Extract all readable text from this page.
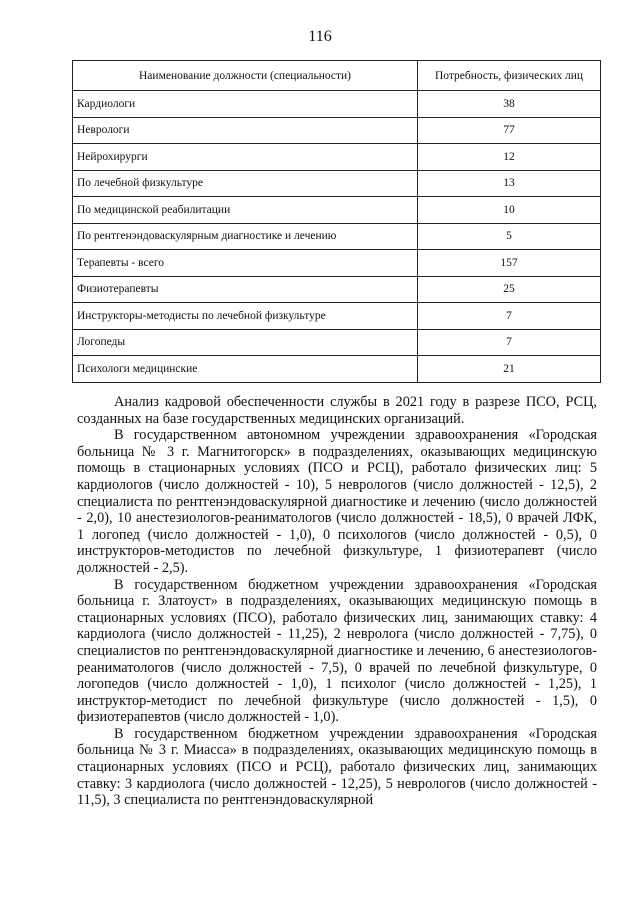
116
Наименование должности (специальности)	Потребность, физических лиц
Кардиологи	38
Неврологи	77
Нейрохирурги	12
По лечебной физкультуре	13
По медицинской реабилитации	10
По рентгенэндоваскулярным диагностике и лечению	5
Терапевты - всего	157
Физиотерапевты	25
Инструкторы-методисты по лечебной физкультуре	7
Логопеды	7
Психологи медицинские	21

Анализ кадровой обеспеченности службы в 2021 году в разрезе ПСО, РСЦ, созданных на базе государственных медицинских организаций.

В государственном автономном учреждении здравоохранения «Городская больница № 3 г. Магнитогорск» в подразделениях, оказывающих медицинскую помощь в стационарных условиях (ПСО и РСЦ), работало физических лиц: 5 кардиологов (число должностей - 10), 5 неврологов (число должностей - 12,5), 2 специалиста по рентгенэндоваскулярной диагностике и лечению (число должностей - 2,0), 10 анестезиологов-реаниматологов (число должностей - 18,5), 0 врачей ЛФК, 1 логопед (число должностей - 1,0), 0 психологов (число должностей - 0,5), 0 инструкторов-методистов по лечебной физкультуре, 1 физиотерапевт (число должностей - 2,5).

В государственном бюджетном учреждении здравоохранения «Городская больница г. Златоуст» в подразделениях, оказывающих медицинскую помощь в стационарных условиях (ПСО), работало физических лиц, занимающих ставку: 4 кардиолога (число должностей - 11,25), 2 невролога (число должностей - 7,75), 0 специалистов по рентгенэндоваскулярной диагностике и лечению, 6 анестезиологов-реаниматологов (число должностей - 7,5), 0 врачей по лечебной физкультуре, 0 логопедов (число должностей - 1,0), 1 психолог (число должностей - 1,25), 1 инструктор-методист по лечебной физкультуре (число должностей - 1,5), 0 физиотерапевтов (число должностей - 1,0).

В государственном бюджетном учреждении здравоохранения «Городская больница № 3 г. Миасса» в подразделениях, оказывающих медицинскую помощь в стационарных условиях (ПСО и РСЦ), работало физических лиц, занимающих ставку: 3 кардиолога (число должностей - 12,25), 5 неврологов (число должностей - 11,5), 3 специалиста по рентгенэндоваскулярной
